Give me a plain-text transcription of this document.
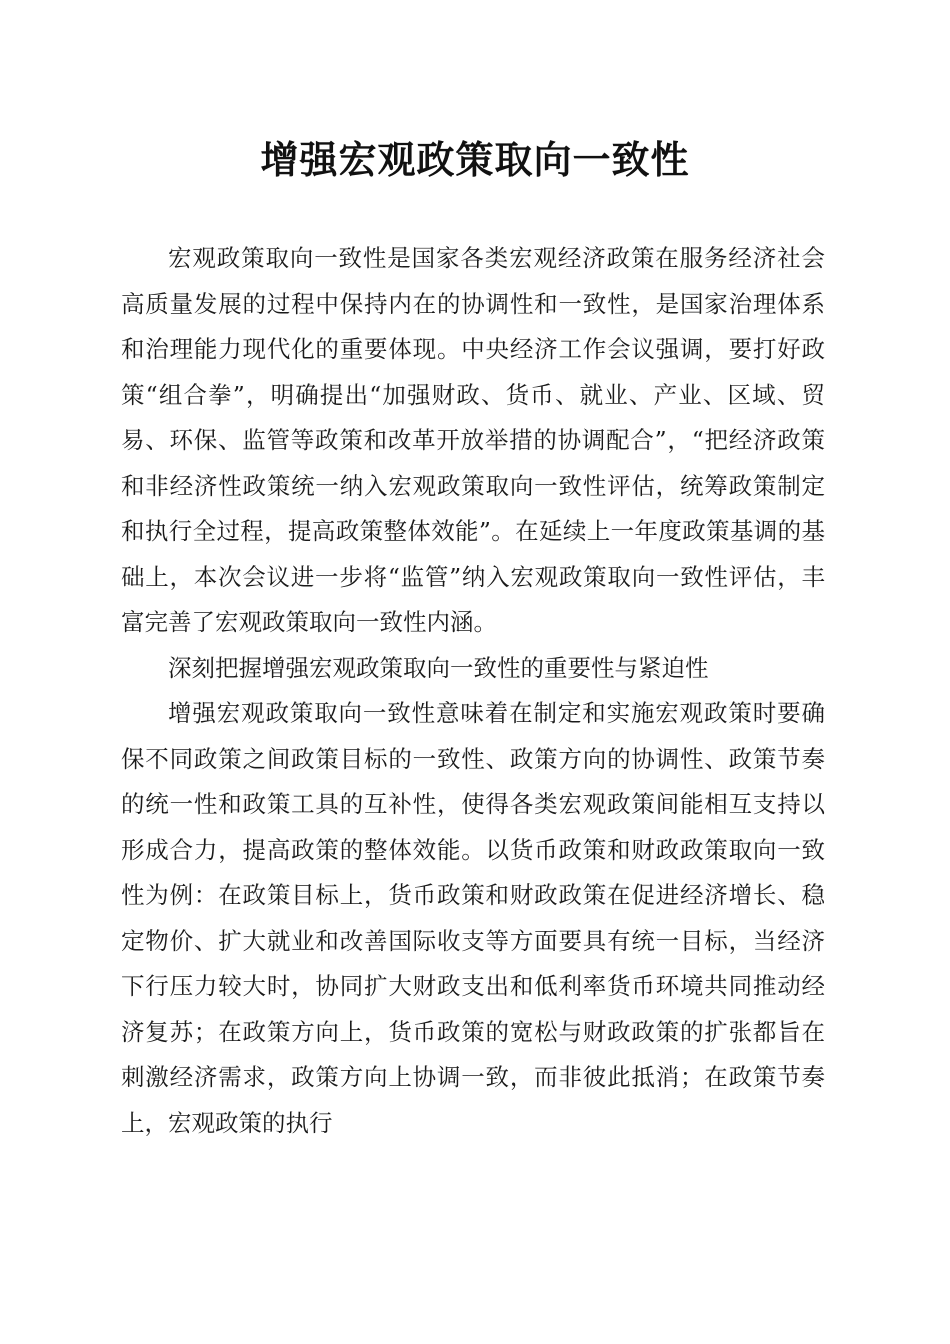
增强宏观政策取向一致性

宏观政策取向一致性是国家各类宏观经济政策在服务经济社会高质量发展的过程中保持内在的协调性和一致性，是国家治理体系和治理能力现代化的重要体现。中央经济工作会议强调，要打好政策“组合拳”，明确提出“加强财政、货币、就业、产业、区域、贸易、环保、监管等政策和改革开放举措的协调配合”，“把经济政策和非经济性政策统一纳入宏观政策取向一致性评估，统筹政策制定和执行全过程，提高政策整体效能”。在延续上一年度政策基调的基础上，本次会议进一步将“监管”纳入宏观政策取向一致性评估，丰富完善了宏观政策取向一致性内涵。

深刻把握增强宏观政策取向一致性的重要性与紧迫性

增强宏观政策取向一致性意味着在制定和实施宏观政策时要确保不同政策之间政策目标的一致性、政策方向的协调性、政策节奏的统一性和政策工具的互补性，使得各类宏观政策间能相互支持以形成合力，提高政策的整体效能。以货币政策和财政政策取向一致性为例：在政策目标上，货币政策和财政政策在促进经济增长、稳定物价、扩大就业和改善国际收支等方面要具有统一目标，当经济下行压力较大时，协同扩大财政支出和低利率货币环境共同推动经济复苏；在政策方向上，货币政策的宽松与财政政策的扩张都旨在刺激经济需求，政策方向上协调一致，而非彼此抵消；在政策节奏上，宏观政策的执行
